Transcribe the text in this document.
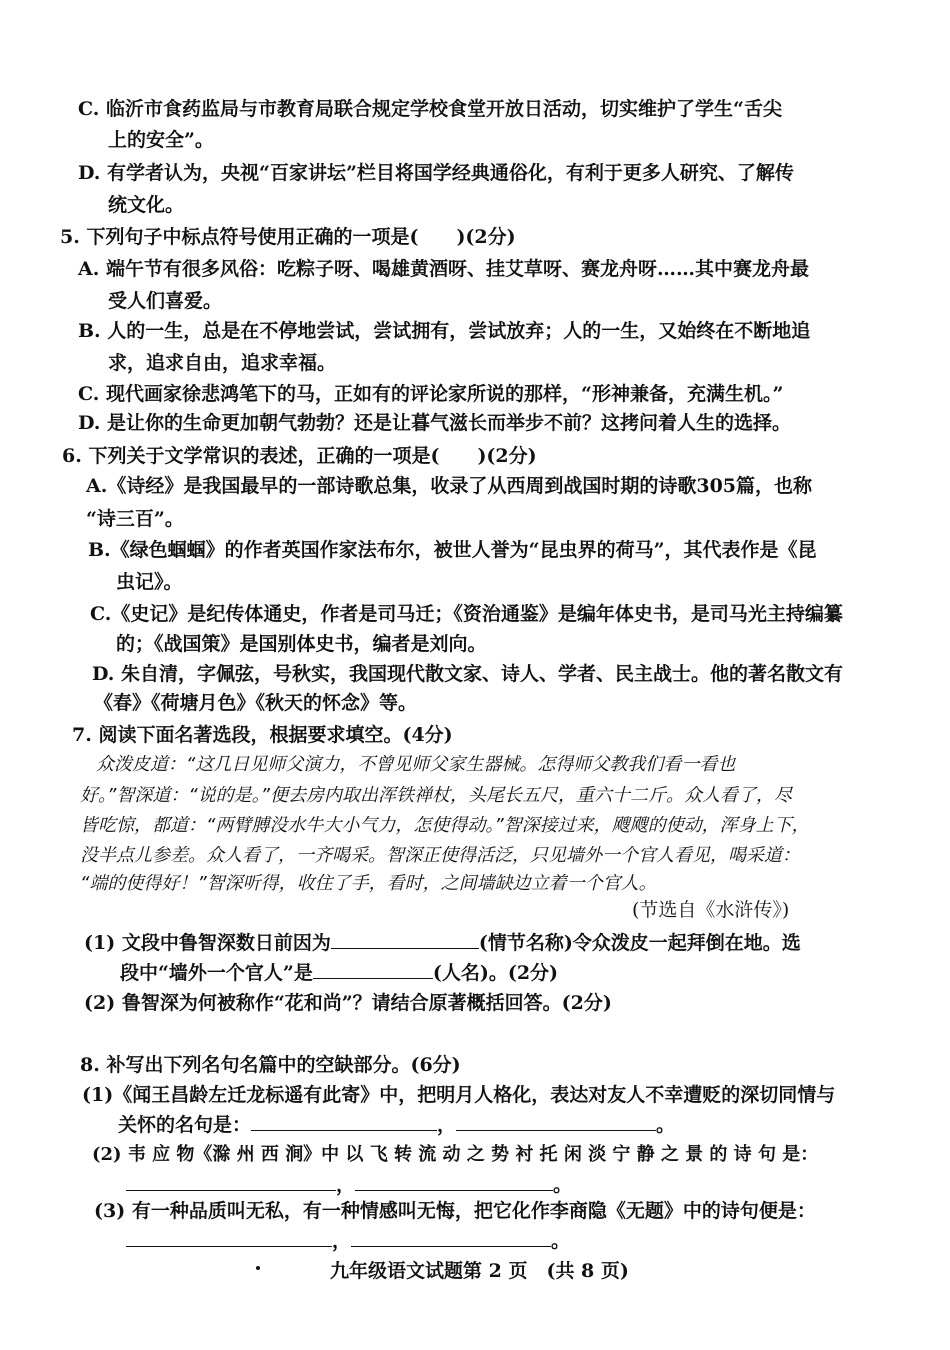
C. 临沂市食药监局与市教育局联合规定学校食堂开放日活动，切实维护了学生“舌尖
上的安全”。
D. 有学者认为，央视“百家讲坛”栏目将国学经典通俗化，有利于更多人研究、了解传
统文化。
5. 下列句子中标点符号使用正确的一项是(　　)(2分)
A. 端午节有很多风俗：吃粽子呀、喝雄黄酒呀、挂艾草呀、赛龙舟呀……其中赛龙舟最
受人们喜爱。
B. 人的一生，总是在不停地尝试，尝试拥有，尝试放弃；人的一生，又始终在不断地追
求，追求自由，追求幸福。
C. 现代画家徐悲鸿笔下的马，正如有的评论家所说的那样，“形神兼备，充满生机。”
D. 是让你的生命更加朝气勃勃？还是让暮气滋长而举步不前？这拷问着人生的选择。
6. 下列关于文学常识的表述，正确的一项是(　　)(2分)
A.《诗经》是我国最早的一部诗歌总集，收录了从西周到战国时期的诗歌305篇，也称
“诗三百”。
B.《绿色蝈蝈》的作者英国作家法布尔，被世人誉为“昆虫界的荷马”，其代表作是《昆
虫记》。
C.《史记》是纪传体通史，作者是司马迁；《资治通鉴》是编年体史书，是司马光主持编纂
的；《战国策》是国别体史书，编者是刘向。
D. 朱自清，字佩弦，号秋实，我国现代散文家、诗人、学者、民主战士。他的著名散文有
《春》《荷塘月色》《秋天的怀念》等。
7. 阅读下面名著选段，根据要求填空。(4分)
众泼皮道：“这几日见师父演力，不曾见师父家生器械。怎得师父教我们看一看也
好。”智深道：“说的是。”便去房内取出浑铁禅杖，头尾长五尺，重六十二斤。众人看了，尽
皆吃惊，都道：“两臂膊没水牛大小气力，怎使得动。”智深接过来，飕飕的使动，浑身上下，
没半点儿参差。众人看了，一齐喝采。智深正使得活泛，只见墙外一个官人看见，喝采道：
“端的使得好！”智深听得，收住了手，看时，之间墙缺边立着一个官人。
(节选自《水浒传》)
(1) 文段中鲁智深数日前因为	(情节名称)令众泼皮一起拜倒在地。选
段中“墙外一个官人”是	(人名)。(2分)
(2) 鲁智深为何被称作“花和尚”？请结合原著概括回答。(2分)
8. 补写出下列名句名篇中的空缺部分。(6分)
(1)《闻王昌龄左迁龙标遥有此寄》中，把明月人格化，表达对友人不幸遭贬的深切同情与
关怀的名句是：	，	。
(2) 韦 应 物《滁 州 西 涧》中 以 飞 转 流 动 之 势 衬 托 闲 淡 宁 静 之 景 的 诗 句 是：
，	。
(3) 有一种品质叫无私，有一种情感叫无悔，把它化作李商隐《无题》中的诗句便是：
，	。
九年级语文试题第 2 页　(共 8 页)
